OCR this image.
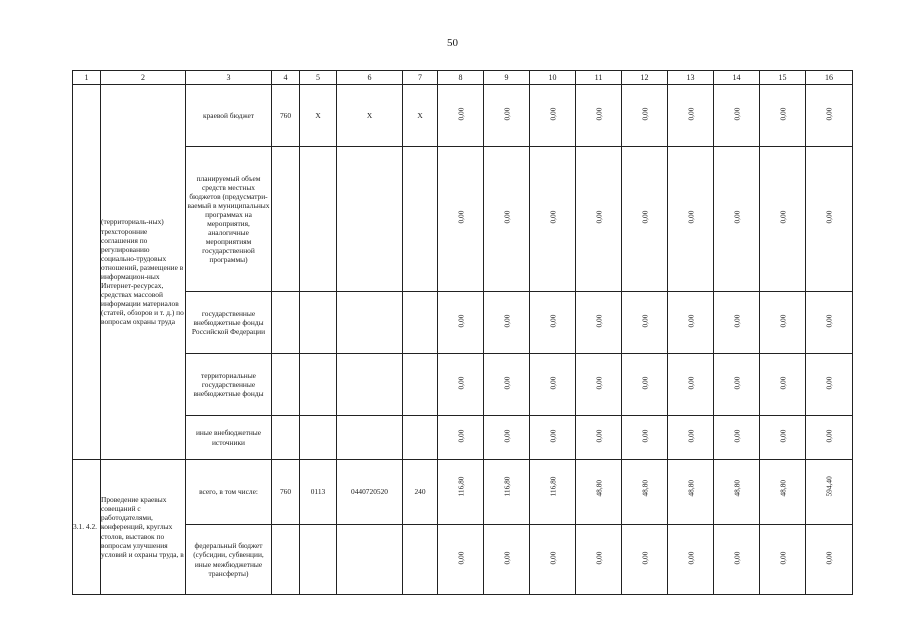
50
1	2	3	4	5	6	7	8	9	10	11	12	13	14	15	16
	(территориаль-ных) трехсторонние соглашения по регулированию социально-трудовых отношений, размещение в информацион-ных Интернет-ресурсах, средствах массовой информации материалов (статей, обзоров и т. д.) по вопросам охраны труда	краевой бюджет	760	X	X	X	0,00	0,00	0,00	0,00	0,00	0,00	0,00	0,00	0,00

		планируемый объем средств местных бюджетов (предусматри-ваемый в муниципальных программах на мероприятия, аналогичные мероприятиям государственной программы)					0,00	0,00	0,00	0,00	0,00	0,00	0,00	0,00	0,00

		государственные внебюджетные фонды Российской Федерации					0,00	0,00	0,00	0,00	0,00	0,00	0,00	0,00	0,00

		территориальные государственные внебюджетные фонды					0,00	0,00	0,00	0,00	0,00	0,00	0,00	0,00	0,00

		иные внебюджетные источники					0,00	0,00	0,00	0,00	0,00	0,00	0,00	0,00	0,00

3.1. 4.2.	Проведение краевых совещаний с работодателями, конференций, круглых столов, выставок по вопросам улучшения условий и охраны труда, в	всего, в том числе:	760	0113	0440720520	240	116,80	116,80	116,80	48,80	48,80	48,80	48,80	48,80	594,40

		федеральный бюджет (субсидии, субвенции, иные межбюджетные трансферты)					0,00	0,00	0,00	0,00	0,00	0,00	0,00	0,00	0,00
